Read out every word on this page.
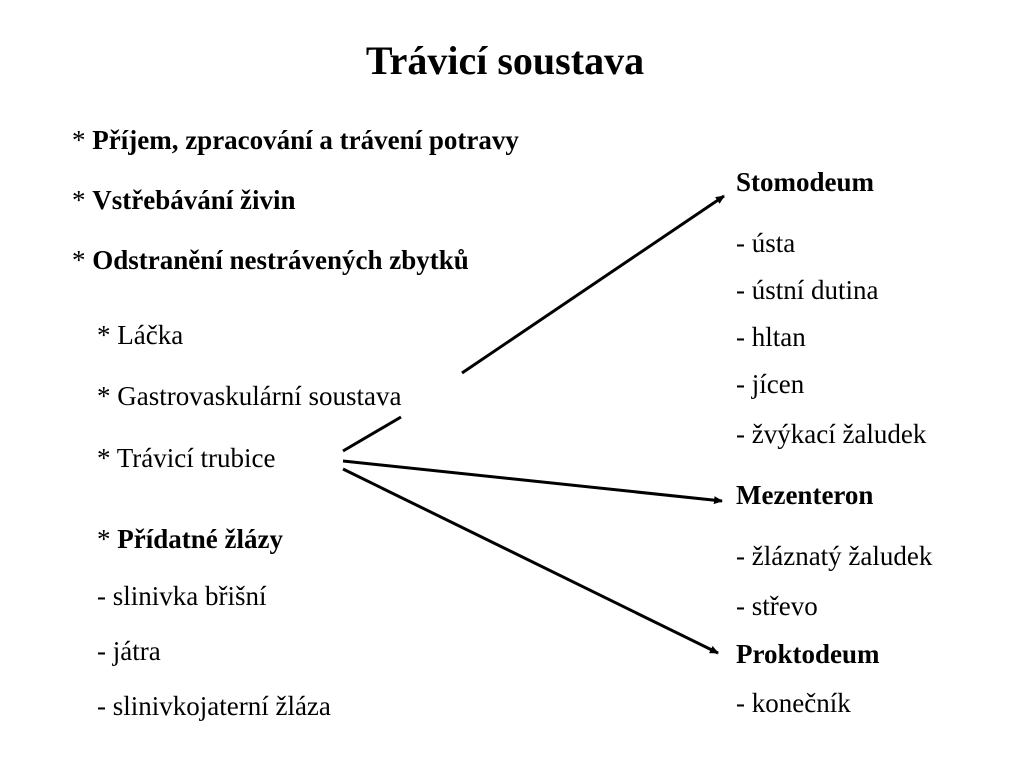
Trávicí soustava
* Příjem, zpracování a trávení potravy
* Vstřebávání živin
* Odstranění nestrávených zbytků
* Láčka
* Gastrovaskulární soustava
* Trávicí trubice
* Přídatné žlázy
- slinivka břišní
- játra
- slinivkojaterní žláza
Stomodeum
- ústa
- ústní dutina
- hltan
- jícen
- žvýkací žaludek
Mezenteron
- žláznatý žaludek
- střevo
Proktodeum
- konečník
